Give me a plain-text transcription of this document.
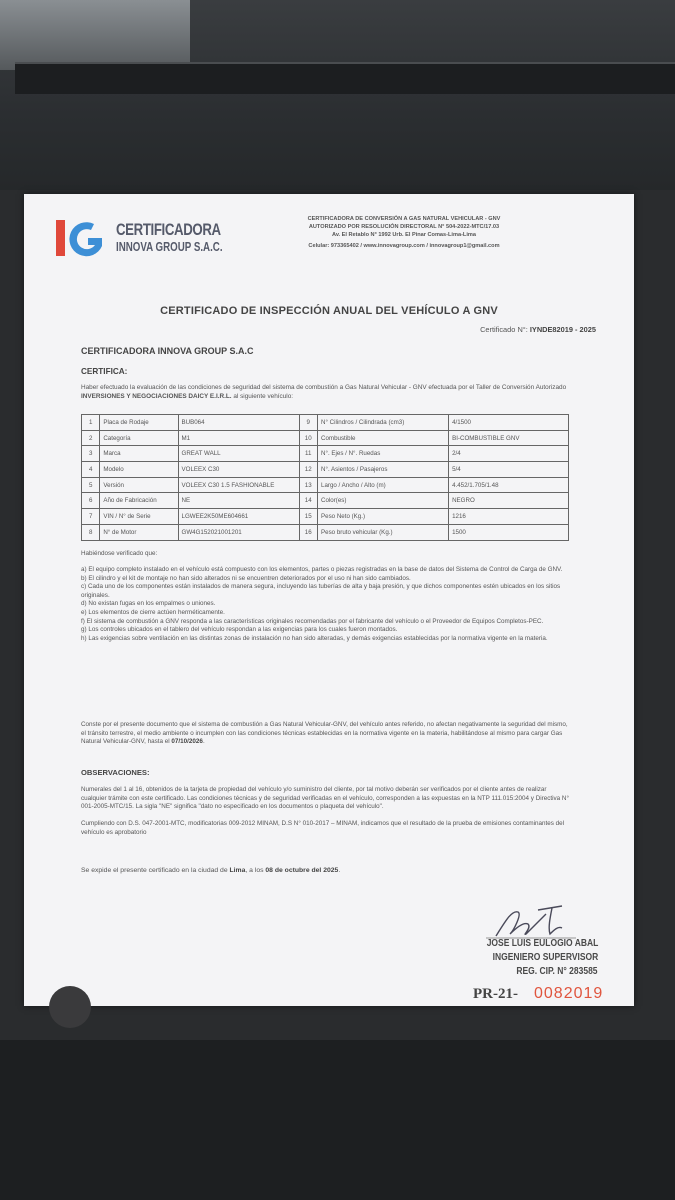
CERTIFICADORA
INNOVA GROUP S.A.C.
CERTIFICADORA DE CONVERSIÓN A GAS NATURAL VEHICULAR - GNV
AUTORIZADO POR RESOLUCIÓN DIRECTORAL N° 504-2022-MTC/17.03
Av. El Retablo N° 1992 Urb. El Pinar Comas-Lima-Lima
Celular: 973365402 / www.innovagroup.com / innovagroup1@gmail.com
CERTIFICADO DE INSPECCIÓN ANUAL DEL VEHÍCULO A GNV
Certificado N°: IYNDE82019 - 2025
CERTIFICADORA INNOVA GROUP S.A.C
CERTIFICA:
Haber efectuado la evaluación de las condiciones de seguridad del sistema de combustión a Gas Natural Vehicular - GNV efectuada por el Taller de Conversión Autorizado INVERSIONES Y NEGOCIACIONES DAICY E.I.R.L. al siguiente vehículo:
1	Placa de Rodaje	BUB064	9	N° Cilindros / Cilindrada (cm3)	4/1500
2	Categoría	M1	10	Combustible	BI-COMBUSTIBLE GNV
3	Marca	GREAT WALL	11	N°. Ejes / N°. Ruedas	2/4
4	Modelo	VOLEEX C30	12	N°. Asientos / Pasajeros	5/4
5	Versión	VOLEEX C30 1.5 FASHIONABLE	13	Largo / Ancho / Alto (m)	4.452/1.705/1.48
6	Año de Fabricación	NE	14	Color(es)	NEGRO
7	VIN / N° de Serie	LGWEE2K50ME604661	15	Peso Neto (Kg.)	1216
8	N° de Motor	GW4G152021001201	16	Peso bruto vehicular (Kg.)	1500
Habiéndose verificado que:
a) El equipo completo instalado en el vehículo está compuesto con los elementos, partes o piezas registradas en la base de datos del Sistema de Control de Carga de GNV.
b) El cilindro y el kit de montaje no han sido alterados ni se encuentren deteriorados por el uso ni han sido cambiados.
c) Cada uno de los componentes están instalados de manera segura, incluyendo las tuberías de alta y baja presión, y que dichos componentes estén ubicados en los sitios originales.
d) No existan fugas en los empalmes o uniones.
e) Los elementos de cierre actúen herméticamente.
f) El sistema de combustión a GNV responda a las características originales recomendadas por el fabricante del vehículo o el Proveedor de Equipos Completos-PEC.
g) Los controles ubicados en el tablero del vehículo respondan a las exigencias para los cuales fueron montados.
h) Las exigencias sobre ventilación en las distintas zonas de instalación no han sido alteradas, y demás exigencias establecidas por la normativa vigente en la materia.
Conste por el presente documento que el sistema de combustión a Gas Natural Vehicular-GNV, del vehículo antes referido, no afectan negativamente la seguridad del mismo, el tránsito terrestre, el medio ambiente o incumplen con las condiciones técnicas establecidas en la normativa vigente en la materia, habilitándose al mismo para cargar Gas Natural Vehicular-GNV, hasta el 07/10/2026.
OBSERVACIONES:
Numerales del 1 al 16, obtenidos de la tarjeta de propiedad del vehículo y/o suministro del cliente, por tal motivo deberán ser verificados por el cliente antes de realizar cualquier trámite con este certificado. Las condiciones técnicas y de seguridad verificadas en el vehículo, corresponden a las expuestas en la NTP 111.015:2004 y Directiva N° 001-2005-MTC/15. La sigla "NE" significa "dato no especificado en los documentos o plaqueta del vehículo".
Cumpliendo con D.S. 047-2001-MTC, modificatorias 009-2012 MINAM, D.S N° 010-2017 – MINAM, indicamos que el resultado de la prueba de emisiones contaminantes del vehículo es aprobatorio
Se expide el presente certificado en la ciudad de Lima, a los 08 de octubre del 2025.
JOSE LUIS EULOGIO ABAL
INGENIERO SUPERVISOR
REG. CIP. N° 283585
PR-21- 0082019
